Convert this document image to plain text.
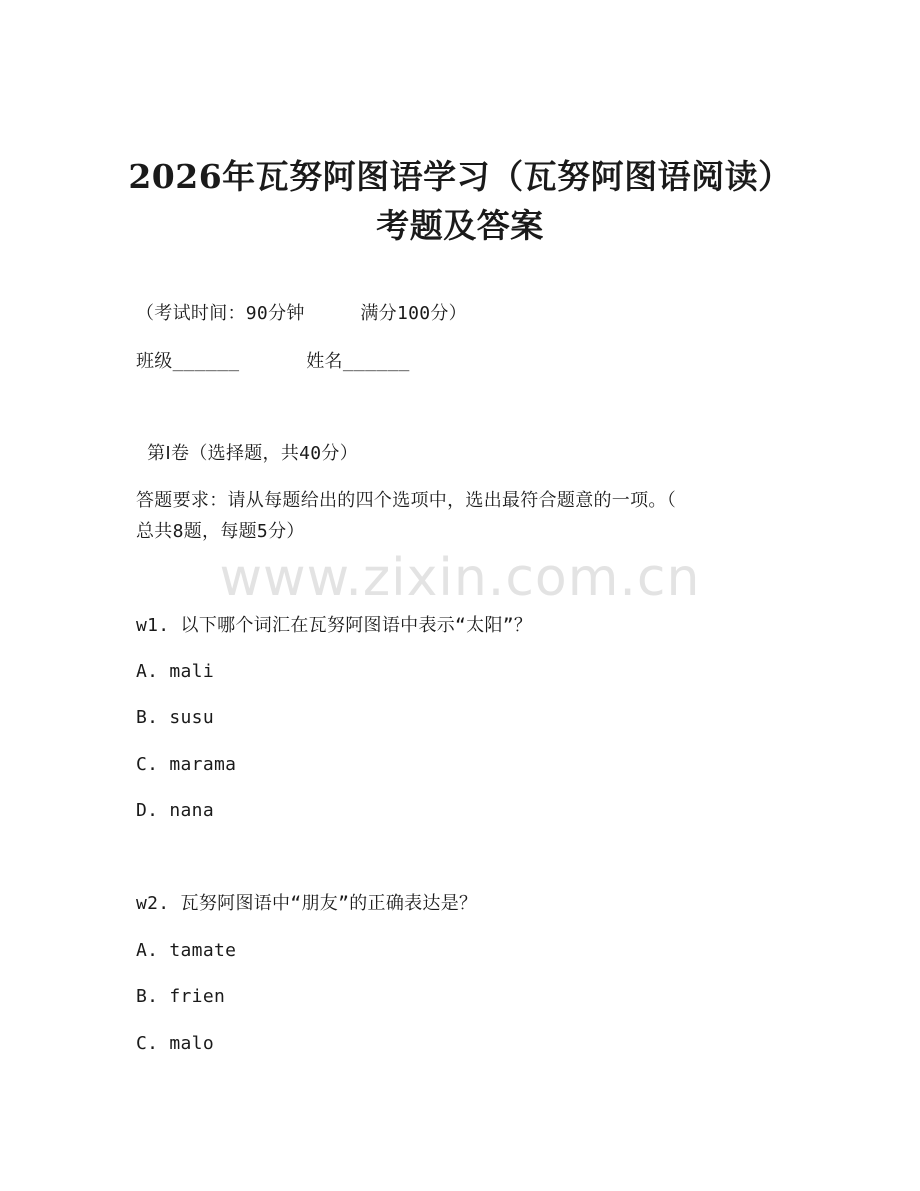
2026年瓦努阿图语学习（瓦努阿图语阅读）
考题及答案
（考试时间：90分钟     满分100分）
班级______      姓名______
第Ⅰ卷（选择题，共40分）
答题要求：请从每题给出的四个选项中，选出最符合题意的一项。（
总共8题，每题5分）
www.zixin.com.cn
w1. 以下哪个词汇在瓦努阿图语中表示“太阳”？
A. mali
B. susu
C. marama
D. nana
w2. 瓦努阿图语中“朋友”的正确表达是？
A. tamate
B. frien
C. malo
